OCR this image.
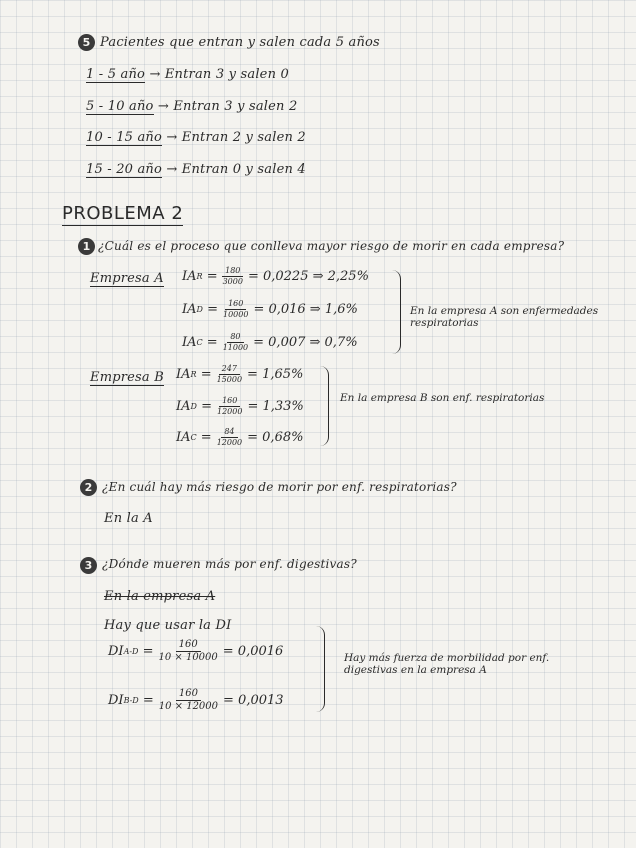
5 Pacientes que entran y salen cada 5 años
1 - 5 año → Entran 3 y salen 0
5 - 10 año → Entran 3 y salen 2
10 - 15 año → Entran 2 y salen 2
15 - 20 año → Entran 0 y salen 4
PROBLEMA 2
1 ¿Cuál es el proceso que conlleva mayor riesgo de morir en cada empresa?
Empresa A IA $R = \frac{180}{3000} = 0,0225$ ⇒ 2,25%
IA $D = \frac{160}{10000} = 0,016$ ⇒ 1,6%
IA $C = \frac{80}{11000} = 0,007$ ⇒ 0,7%
En la empresa A son enfermedades respiratorias
Empresa B IA $R = \frac{247}{15000} = 1,65\%$
IA $D = \frac{160}{12000} = 1,33\%$
IA $C = \frac{84}{12000} = 0,68\%$
En la empresa B son enf. respiratorias
2 ¿En cuál hay más riesgo de morir por enf. respiratorias?
En la A
3 ¿Dónde mueren más por enf. digestivas?
En la empresa A
Hay que usar la DI
DI $A-D = \frac{160}{10 \times 10000} = 0,0016$
DI $B-D = \frac{160}{10 \times 12000} = 0,0013$
Hay más fuerza de morbilidad por enf. digestivas en la empresa A
